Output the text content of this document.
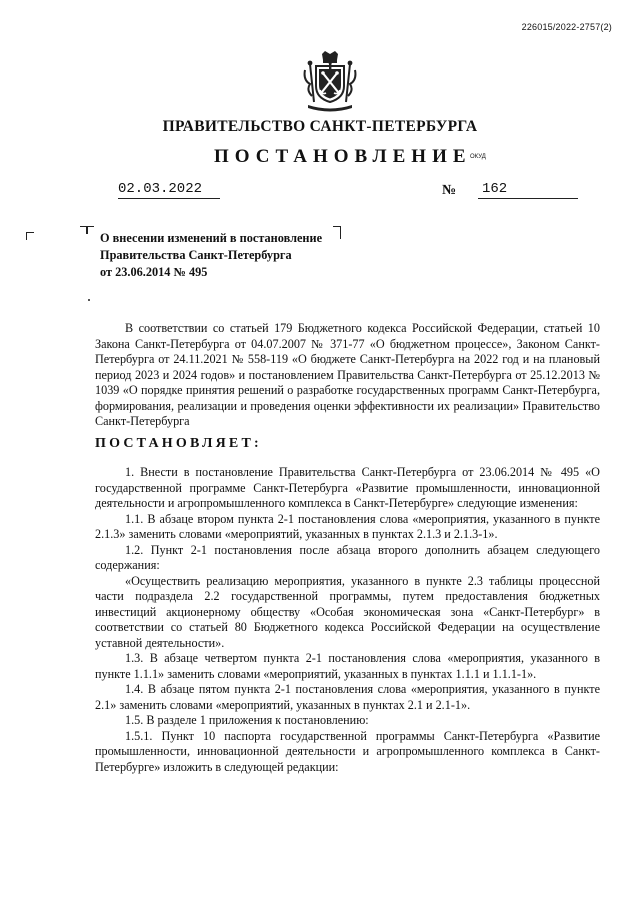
226015/2022-2757(2)
ПРАВИТЕЛЬСТВО САНКТ-ПЕТЕРБУРГА
ПОСТАНОВЛЕНИЕ
ОКУД
02.03.2022	№ 162
О внесении изменений в постановление
Правительства Санкт-Петербурга
от 23.06.2014 № 495
В соответствии со статьей 179 Бюджетного кодекса Российской Федерации, статьей 10 Закона Санкт-Петербурга от 04.07.2007 № 371-77 «О бюджетном процессе», Законом Санкт-Петербурга от 24.11.2021 № 558-119 «О бюджете Санкт-Петербурга на 2022 год и на плановый период 2023 и 2024 годов» и постановлением Правительства Санкт-Петербурга от 25.12.2013 № 1039 «О порядке принятия решений о разработке государственных программ Санкт-Петербурга, формирования, реализации и проведения оценки эффективности их реализации» Правительство Санкт-Петербурга
ПОСТАНОВЛЯЕТ:

1. Внести в постановление Правительства Санкт-Петербурга от 23.06.2014 № 495 «О государственной программе Санкт-Петербурга «Развитие промышленности, инновационной деятельности и агропромышленного комплекса в Санкт-Петербурге» следующие изменения:

1.1. В абзаце втором пункта 2-1 постановления слова «мероприятия, указанного в пункте 2.1.3» заменить словами «мероприятий, указанных в пунктах 2.1.3 и 2.1.3-1».

1.2. Пункт 2-1 постановления после абзаца второго дополнить абзацем следующего содержания:

«Осуществить реализацию мероприятия, указанного в пункте 2.3 таблицы процессной части подраздела 2.2 государственной программы, путем предоставления бюджетных инвестиций акционерному обществу «Особая экономическая зона «Санкт-Петербург» в соответствии со статьей 80 Бюджетного кодекса Российской Федерации на осуществление уставной деятельности».

1.3. В абзаце четвертом пункта 2-1 постановления слова «мероприятия, указанного в пункте 1.1.1» заменить словами «мероприятий, указанных в пунктах 1.1.1 и 1.1.1-1».

1.4. В абзаце пятом пункта 2-1 постановления слова «мероприятия, указанного в пункте 2.1» заменить словами «мероприятий, указанных в пунктах 2.1 и 2.1-1».

1.5. В разделе 1 приложения к постановлению:

1.5.1. Пункт 10 паспорта государственной программы Санкт-Петербурга «Развитие промышленности, инновационной деятельности и агропромышленного комплекса в Санкт-Петербурге» изложить в следующей редакции:
